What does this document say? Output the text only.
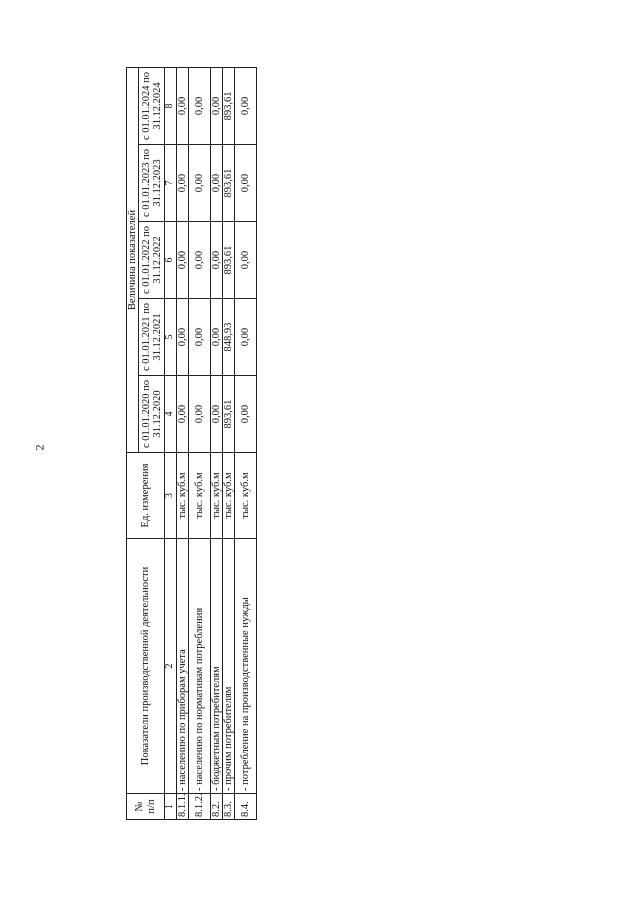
2
№
п/п	Показатели производственной деятельности	Ед. измерения	Величина показателей				
			с 01.01.2020 по 31.12.2020	с 01.01.2021 по 31.12.2021	с 01.01.2022 по 31.12.2022	с 01.01.2023 по 31.12.2023	с 01.01.2024 по 31.12.2024
1	2	3	4	5	6	7	8
8.1.1.	- населению по приборам учета	тыс. куб.м	0,00	0,00	0,00	0,00	0,00
8.1.2.	- населению по нормативам потребления	тыс. куб.м	0,00	0,00	0,00	0,00	0,00
8.2.	- бюджетным потребителям	тыс. куб.м	0,00	0,00	0,00	0,00	0,00
8.3.	- прочим потребителям	тыс. куб.м	893,61	848,93	893,61	893,61	893,61
8.4.	- потребление на производственные нужды	тыс. куб.м	0,00	0,00	0,00	0,00	0,00
